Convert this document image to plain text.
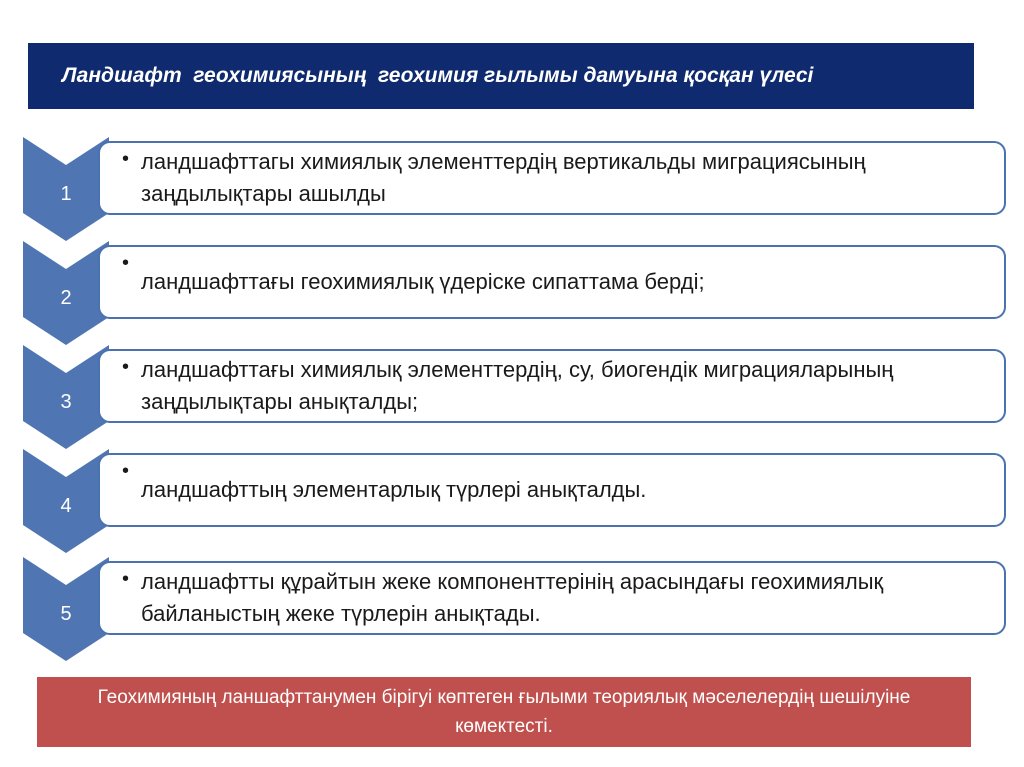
Ландшафт  геохимиясының  геохимия гылымы дамуына қосқан үлесі
1
• ландшафттагы химиялық элементтердің вертикальды миграциясының заңдылықтары ашылды
2
•
ландшафттағы геохимиялық үдеріске сипаттама берді;
3
• ландшафттағы химиялық элементтердің, су, биогендік миграцияларының заңдылықтары анықталды;
4
•
ландшафттың элементарлық түрлері анықталды.
5
• ландшафтты құрайтын жеке компоненттерінің арасындағы геохимиялық байланыстың жеке түрлерін анықтады.
Геохимияның ланшафттанумен бірігуі көптеген ғылыми теориялық мәселелердің шешілуіне көмектесті.
